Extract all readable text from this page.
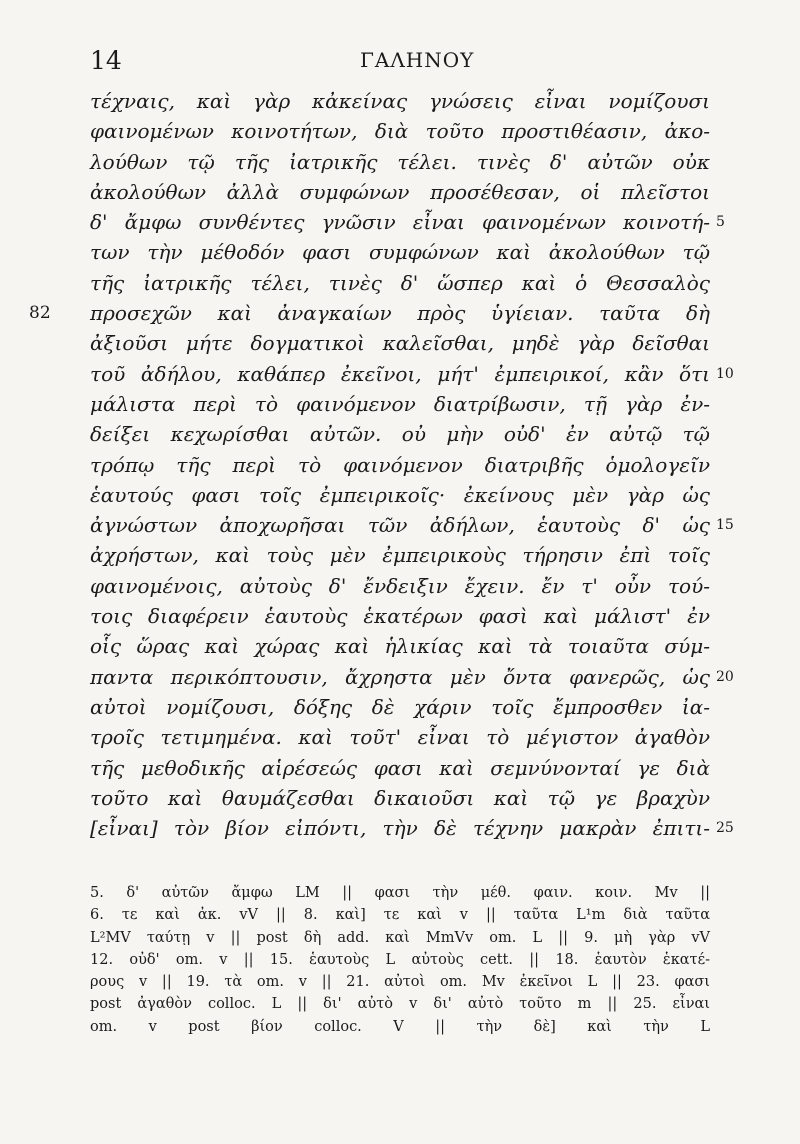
14	ΓΑΛΗΝΟΥ
τέχναις, καὶ γὰρ κἀκείνας γνώσεις εἶναι νομίζουσι
φαινομένων κοινοτήτων, διὰ τοῦτο προστιθέασιν, ἀκο-
λούθων τῷ τῆς ἰατρικῆς τέλει. τινὲς δ' αὐτῶν οὐκ
ἀκολούθων ἀλλὰ συμφώνων προσέθεσαν, οἱ πλεῖστοι
δ' ἄμφω συνθέντες γνῶσιν εἶναι φαινομένων κοινοτή- 5
των τὴν μέθοδόν φασι συμφώνων καὶ ἀκολούθων τῷ
τῆς ἰατρικῆς τέλει, τινὲς δ' ὥσπερ καὶ ὁ Θεσσαλὸς
προσεχῶν καὶ ἀναγκαίων πρὸς ὑγίειαν. ταῦτα δὴ
82
ἀξιοῦσι μήτε δογματικοὶ καλεῖσθαι, μηδὲ γὰρ δεῖσθαι
τοῦ ἀδήλου, καθάπερ ἐκεῖνοι, μήτ' ἐμπειρικοί, κἂν ὅτι 10
μάλιστα περὶ τὸ φαινόμενον διατρίβωσιν, τῇ γὰρ ἐν-
δείξει κεχωρίσθαι αὐτῶν. οὐ μὴν οὐδ' ἐν αὐτῷ τῷ
τρόπῳ τῆς περὶ τὸ φαινόμενον διατριβῆς ὁμολογεῖν
ἑαυτούς φασι τοῖς ἐμπειρικοῖς· ἐκείνους μὲν γὰρ ὡς
ἀγνώστων ἀποχωρῆσαι τῶν ἀδήλων, ἑαυτοὺς δ' ὡς 15
ἀχρήστων, καὶ τοὺς μὲν ἐμπειρικοὺς τήρησιν ἐπὶ τοῖς
φαινομένοις, αὐτοὺς δ' ἔνδειξιν ἔχειν. ἔν τ' οὖν τού-
τοις διαφέρειν ἑαυτοὺς ἑκατέρων φασὶ καὶ μάλιστ' ἐν
οἷς ὥρας καὶ χώρας καὶ ἡλικίας καὶ τὰ τοιαῦτα σύμ-
παντα περικόπτουσιν, ἄχρηστα μὲν ὄντα φανερῶς, ὡς 20
αὐτοὶ νομίζουσι, δόξης δὲ χάριν τοῖς ἔμπροσθεν ἰα-
τροῖς τετιμημένα. καὶ τοῦτ' εἶναι τὸ μέγιστον ἀγαθὸν
τῆς μεθοδικῆς αἱρέσεώς φασι καὶ σεμνύνονταί γε διὰ
τοῦτο καὶ θαυμάζεσθαι δικαιοῦσι καὶ τῷ γε βραχὺν
[εἶναι] τὸν βίον εἰπόντι, τὴν δὲ τέχνην μακρὰν ἐπιτι- 25
5. δ' αὐτῶν ἄμφω LM || φασι τὴν μέθ. φαιν. κοιν. Mv ||
6. τε καὶ ἀκ. vV || 8. καὶ] τε καὶ v || ταῦτα L¹m διὰ ταῦτα
L²MV ταύτῃ v || post δὴ add. καὶ MmVv om. L || 9. μὴ γὰρ vV
12. οὐδ' om. v || 15. ἑαυτοὺς L αὐτοὺς cett. || 18. ἑαυτὸν ἑκατέ-
ρους v || 19. τὰ om. v || 21. αὐτοὶ om. Mv ἐκεῖνοι L || 23. φασι
post ἀγαθὸν colloc. L || δι' αὐτὸ v δι' αὐτὸ τοῦτο m || 25. εἶναι
om. v post βίον colloc. V || τὴν δὲ] καὶ τὴν L
